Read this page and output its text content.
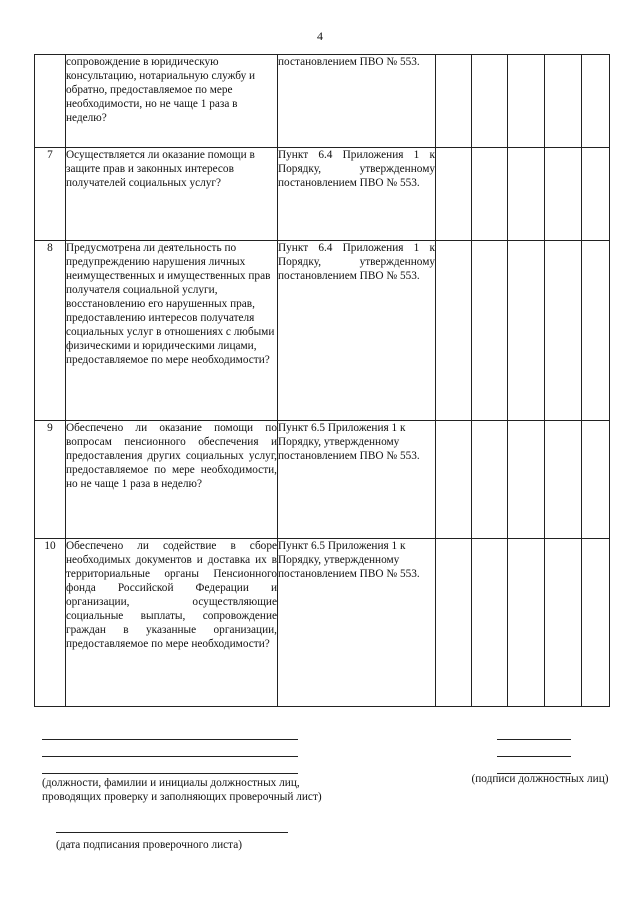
4
	сопровождение в юридическую консультацию, нотариальную службу и обратно, предоставляемое по мере необходимости, но не чаще 1 раза в неделю?	постановлением ПВО № 553.					

7	Осуществляется ли оказание помощи в защите прав и законных интересов получателей социальных услуг?	Пункт 6.4 Приложения 1 к Порядку, утвержденному постановлением ПВО № 553.					

8	Предусмотрена ли деятельность по предупреждению нарушения личных неимущественных и имущественных прав получателя социальной услуги, восстановлению его нарушенных прав, предоставлению интересов получателя социальных услуг в отношениях с любыми физическими и юридическими лицами, предоставляемое по мере необходимости?	Пункт 6.4 Приложения 1 к Порядку, утвержденному постановлением ПВО № 553.					

9	Обеспечено ли оказание помощи по вопросам пенсионного обеспечения и предоставления других социальных услуг, предоставляемое по мере необходимости, но не чаще 1 раза в неделю?	Пункт 6.5 Приложения 1 к Порядку, утвержденному постановлением ПВО № 553.					
10	Обеспечено ли содействие в сборе необходимых документов и доставка их в территориальные органы Пенсионного фонда Российской Федерации и организации, осуществляющие социальные выплаты, сопровождение граждан в указанные организации, предоставляемое по мере необходимости?	Пункт 6.5 Приложения 1 к Порядку, утвержденному постановлением ПВО № 553.					
(должности, фамилии и инициалы должностных лиц, проводящих проверку и заполняющих проверочный лист)
(подписи должностных лиц)
(дата подписания проверочного листа)
